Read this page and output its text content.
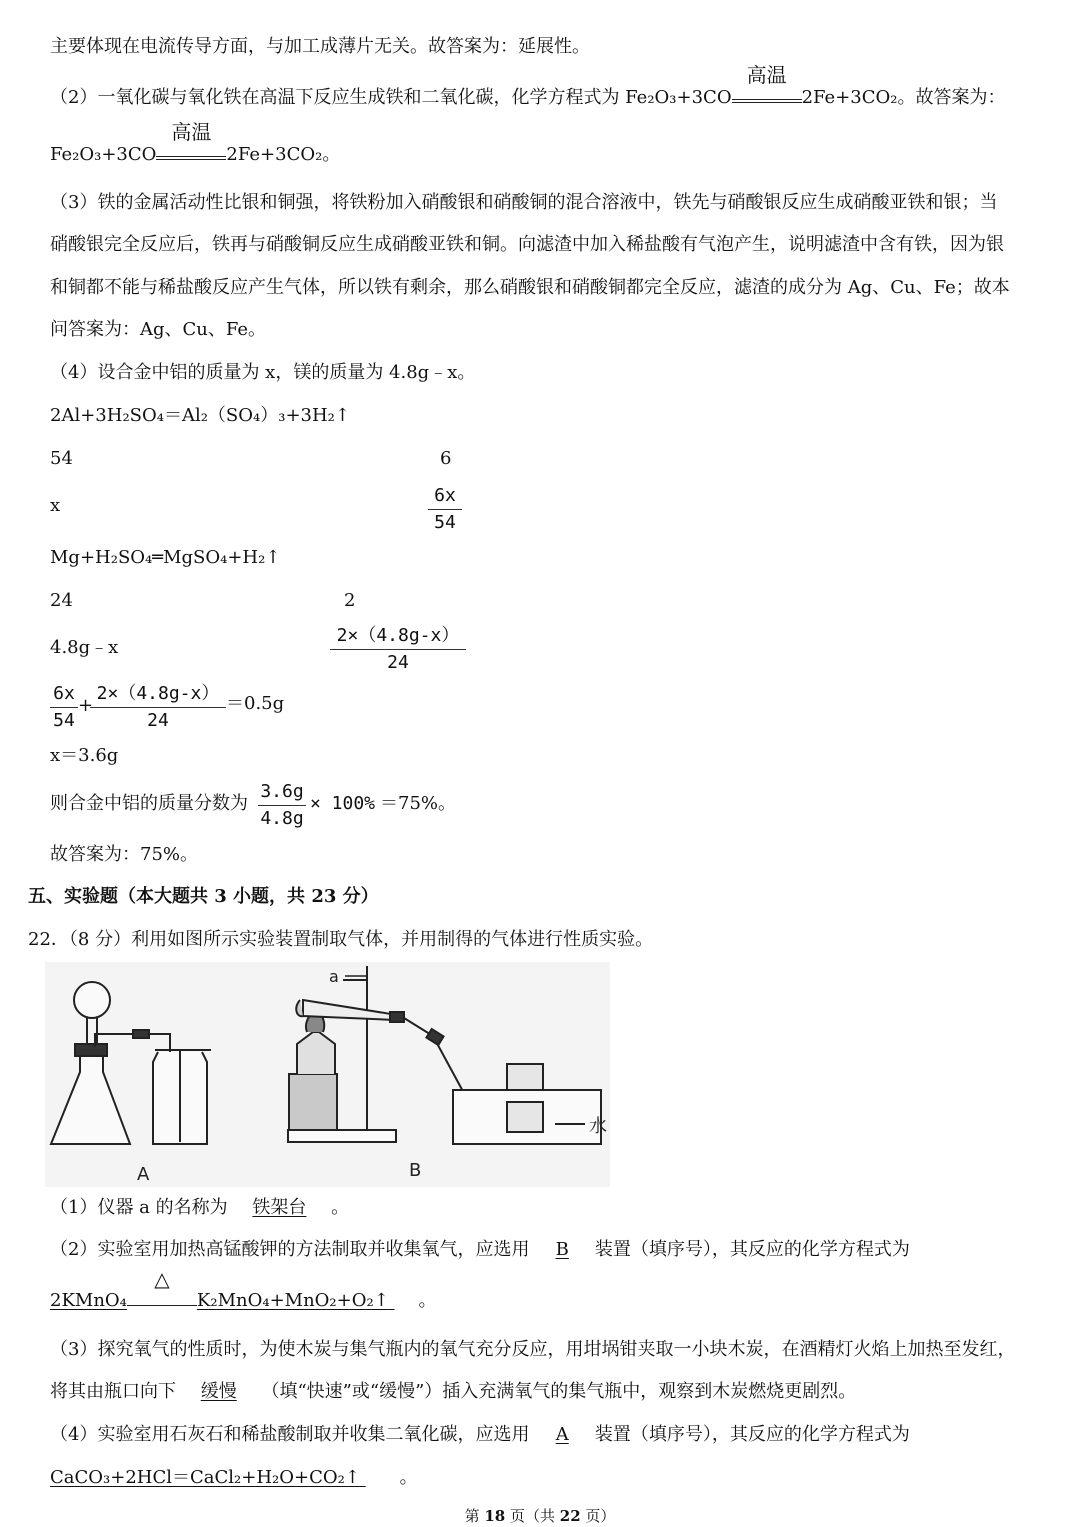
主要体现在电流传导方面，与加工成薄片无关。故答案为：延展性。
（2）一氧化碳与氧化铁在高温下反应生成铁和二氧化碳，化学方程式为 Fe₂O₃+3CO
高温
2Fe+3CO₂。故答案为：
Fe₂O₃+3CO
高温
2Fe+3CO₂。
（3）铁的金属活动性比银和铜强，将铁粉加入硝酸银和硝酸铜的混合溶液中，铁先与硝酸银反应生成硝酸亚铁和银；当
硝酸银完全反应后，铁再与硝酸铜反应生成硝酸亚铁和铜。向滤渣中加入稀盐酸有气泡产生，说明滤渣中含有铁，因为银
和铜都不能与稀盐酸反应产生气体，所以铁有剩余，那么硝酸银和硝酸铜都完全反应，滤渣的成分为 Ag、Cu、Fe；故本
问答案为：Ag、Cu、Fe。
（4）设合金中铝的质量为 x，镁的质量为 4.8g﹣x。
2Al+3H₂SO₄＝Al₂（SO₄）₃+3H₂↑
54	6
x	6x
54
Mg+H₂SO₄═MgSO₄+H₂↑
24	2
4.8g﹣x
2×（4.8g-x）
24
6x
54
+
2×（4.8g-x）
24
＝0.5g
x＝3.6g
则合金中铝的质量分数为
3.6g
4.8g
× 100% ＝75%。
故答案为：75%。
五、实验题（本大题共 3 小题，共 23 分）
22．（8 分）利用如图所示实验装置制取气体，并用制得的气体进行性质实验。
A
a
B
水
（1）仪器 a 的名称为 铁架台 。
（2）实验室用加热高锰酸钾的方法制取并收集氧气，应选用 B 装置（填序号），其反应的化学方程式为
2KMnO₄
△
K₂MnO₄+MnO₂+O₂↑ 。
（3）探究氧气的性质时，为使木炭与集气瓶内的氧气充分反应，用坩埚钳夹取一小块木炭，在酒精灯火焰上加热至发红，
将其由瓶口向下 缓慢 （填“快速”或“缓慢”）插入充满氧气的集气瓶中，观察到木炭燃烧更剧烈。
（4）实验室用石灰石和稀盐酸制取并收集二氧化碳，应选用 A 装置（填序号），其反应的化学方程式为
CaCO₃+2HCl＝CaCl₂+H₂O+CO₂↑ 。
第 18 页（共 22 页）
